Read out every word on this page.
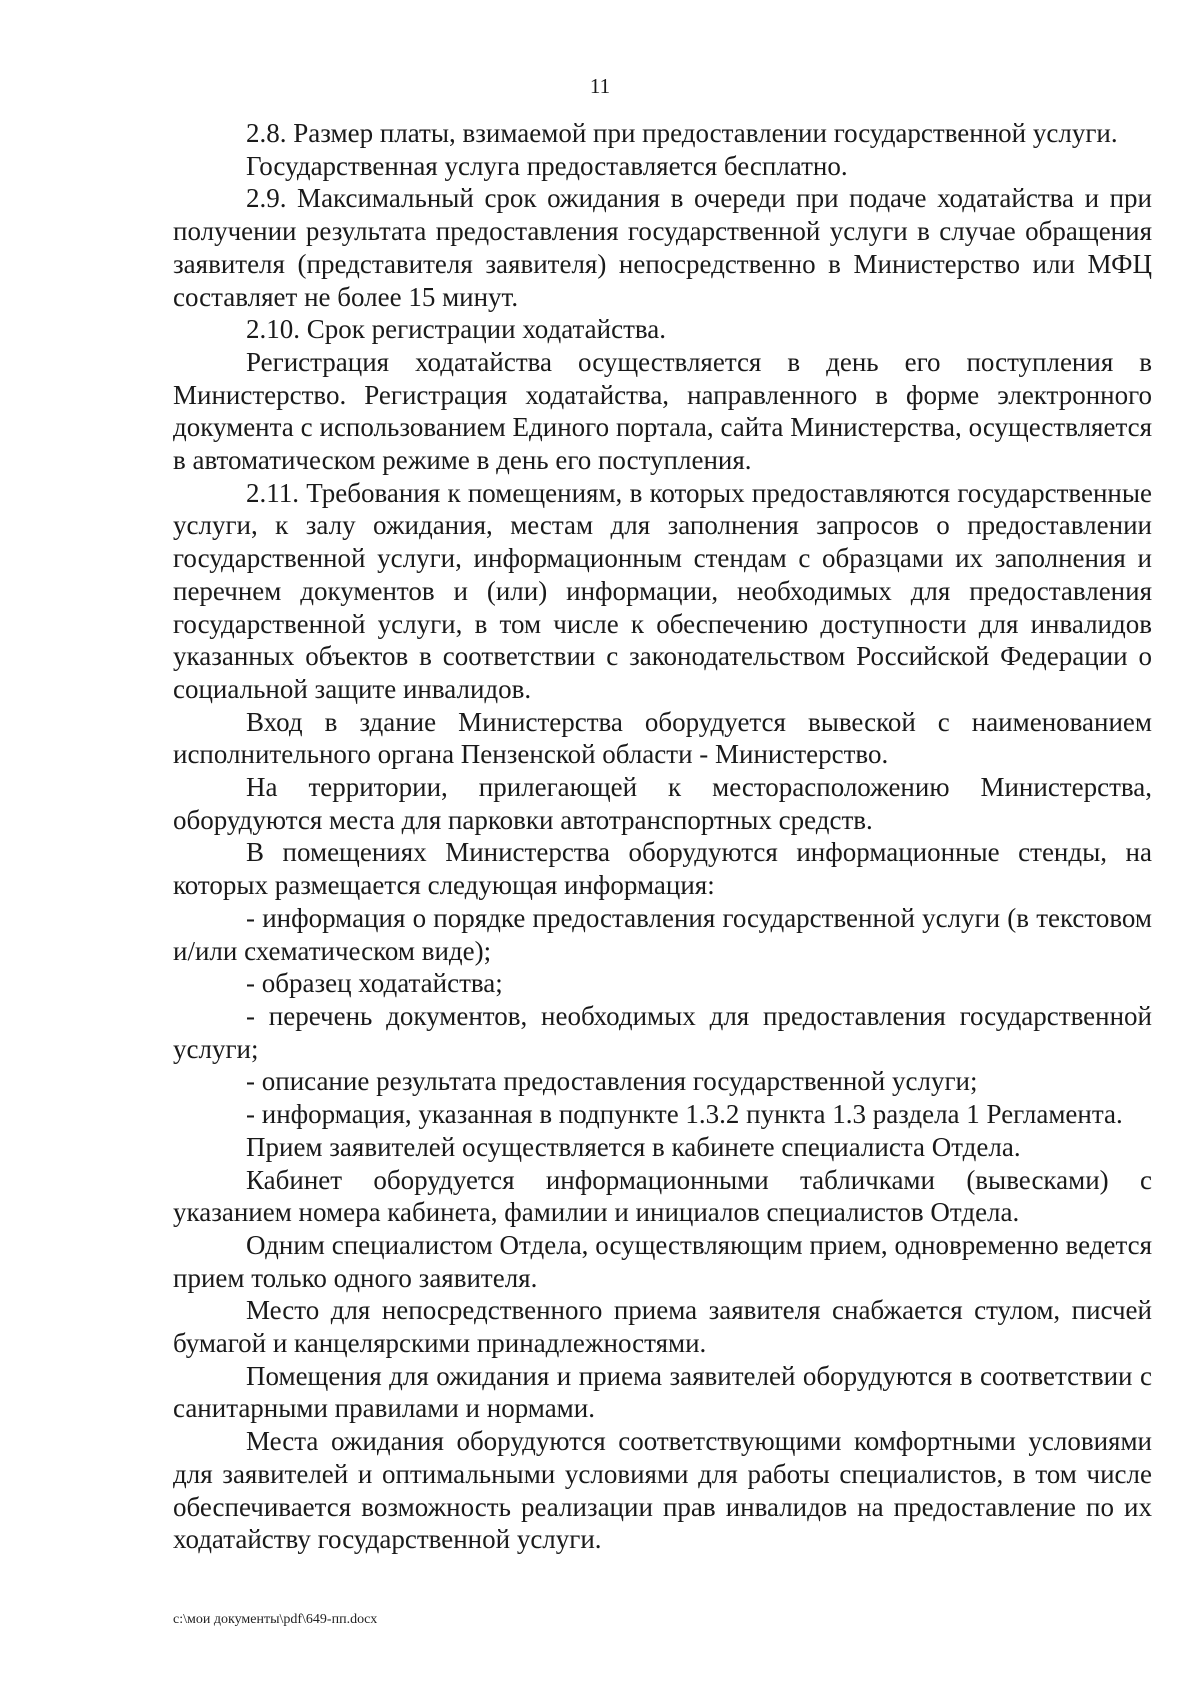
11

2.8. Размер платы, взимаемой при предоставлении государственной услуги.

Государственная услуга предоставляется бесплатно.

2.9. Максимальный срок ожидания в очереди при подаче ходатайства и при получении результата предоставления государственной услуги в случае обращения заявителя (представителя заявителя) непосредственно в Министерство или МФЦ составляет не более 15 минут.

2.10. Срок регистрации ходатайства.

Регистрация ходатайства осуществляется в день его поступления в Министерство. Регистрация ходатайства, направленного в форме электронного документа с использованием Единого портала, сайта Министерства, осуществляется в автоматическом режиме в день его поступления.

2.11. Требования к помещениям, в которых предоставляются государственные услуги, к залу ожидания, местам для заполнения запросов о предоставлении государственной услуги, информационным стендам с образцами их заполнения и перечнем документов и (или) информации, необходимых для предоставления государственной услуги, в том числе к обеспечению доступности для инвалидов указанных объектов в соответствии с законодательством Российской Федерации о социальной защите инвалидов.

Вход в здание Министерства оборудуется вывеской с наименованием исполнительного органа Пензенской области - Министерство.

На территории, прилегающей к месторасположению Министерства, оборудуются места для парковки автотранспортных средств.

В помещениях Министерства оборудуются информационные стенды, на которых размещается следующая информация:

- информация о порядке предоставления государственной услуги (в текстовом и/или схематическом виде);

- образец ходатайства;

- перечень документов, необходимых для предоставления государственной услуги;

- описание результата предоставления государственной услуги;

- информация, указанная в подпункте 1.3.2 пункта 1.3 раздела 1 Регламента.

Прием заявителей осуществляется в кабинете специалиста Отдела.

Кабинет оборудуется информационными табличками (вывесками) с указанием номера кабинета, фамилии и инициалов специалистов Отдела.

Одним специалистом Отдела, осуществляющим прием, одновременно ведется прием только одного заявителя.

Место для непосредственного приема заявителя снабжается стулом, писчей бумагой и канцелярскими принадлежностями.

Помещения для ожидания и приема заявителей оборудуются в соответствии с санитарными правилами и нормами.

Места ожидания оборудуются соответствующими комфортными условиями для заявителей и оптимальными условиями для работы специалистов, в том числе обеспечивается возможность реализации прав инвалидов на предоставление по их ходатайству государственной услуги.

c:\мои документы\pdf\649-пп.docx
